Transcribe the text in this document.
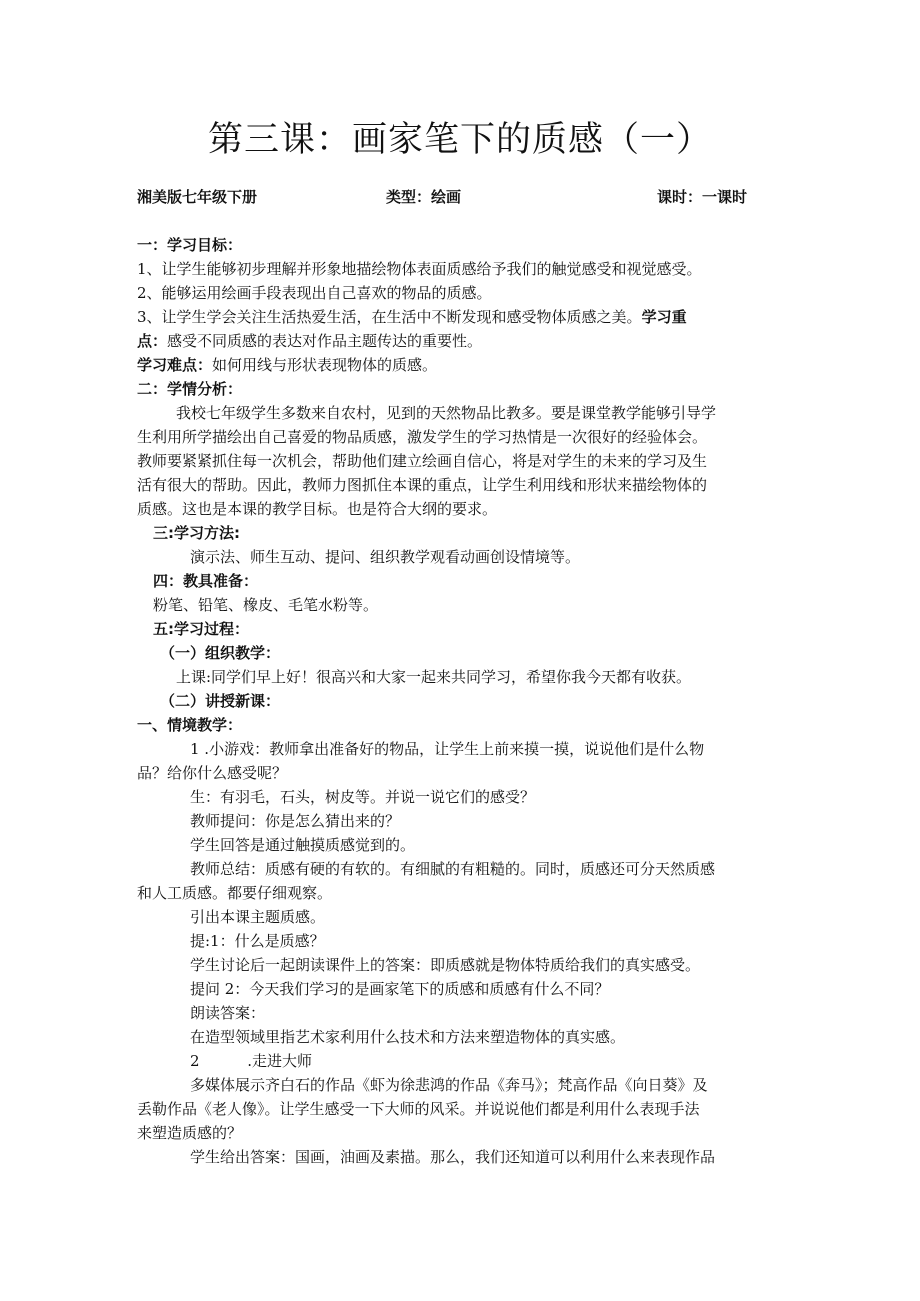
第三课：画家笔下的质感（一）
湘美版七年级下册	类型：绘画	课时：一课时
一：学习目标：
1、让学生能够初步理解并形象地描绘物体表面质感给予我们的触觉感受和视觉感受。
2、能够运用绘画手段表现出自己喜欢的物品的质感。
3、让学生学会关注生活热爱生活，在生活中不断发现和感受物体质感之美。学习重
点：感受不同质感的表达对作品主题传达的重要性。
学习难点：如何用线与形状表现物体的质感。
二：学情分析：
我校七年级学生多数来自农村，见到的天然物品比教多。要是课堂教学能够引导学
生利用所学描绘出自己喜爱的物品质感，激发学生的学习热情是一次很好的经验体会。
教师要紧紧抓住每一次机会，帮助他们建立绘画自信心，将是对学生的未来的学习及生
活有很大的帮助。因此，教师力图抓住本课的重点，让学生利用线和形状来描绘物体的
质感。这也是本课的教学目标。也是符合大纲的要求。
三:学习方法:
演示法、师生互动、提问、组织教学观看动画创设情境等。
四：教具准备：
粉笔、铅笔、橡皮、毛笔水粉等。
五:学习过程：
（一）组织教学：
上课:同学们早上好！很高兴和大家一起来共同学习，希望你我今天都有收获。
（二）讲授新课：
一、情境教学：
1 .小游戏：教师拿出准备好的物品，让学生上前来摸一摸，说说他们是什么物
品？给你什么感受呢？
生：有羽毛，石头，树皮等。并说一说它们的感受？
教师提问：你是怎么猜出来的？
学生回答是通过触摸质感觉到的。
教师总结：质感有硬的有软的。有细腻的有粗糙的。同时，质感还可分天然质感
和人工质感。都要仔细观察。
引出本课主题质感。
提:1：什么是质感？
学生讨论后一起朗读课件上的答案：即质感就是物体特质给我们的真实感受。
提问 2：今天我们学习的是画家笔下的质感和质感有什么不同？
朗读答案：
在造型领域里指艺术家利用什么技术和方法来塑造物体的真实感。
2          .走进大师
多媒体展示齐白石的作品《虾为徐悲鸿的作品《奔马》；梵高作品《向日葵》及
丢勒作品《老人像》。让学生感受一下大师的风采。并说说他们都是利用什么表现手法
来塑造质感的？
学生给出答案：国画，油画及素描。那么，我们还知道可以利用什么来表现作品
